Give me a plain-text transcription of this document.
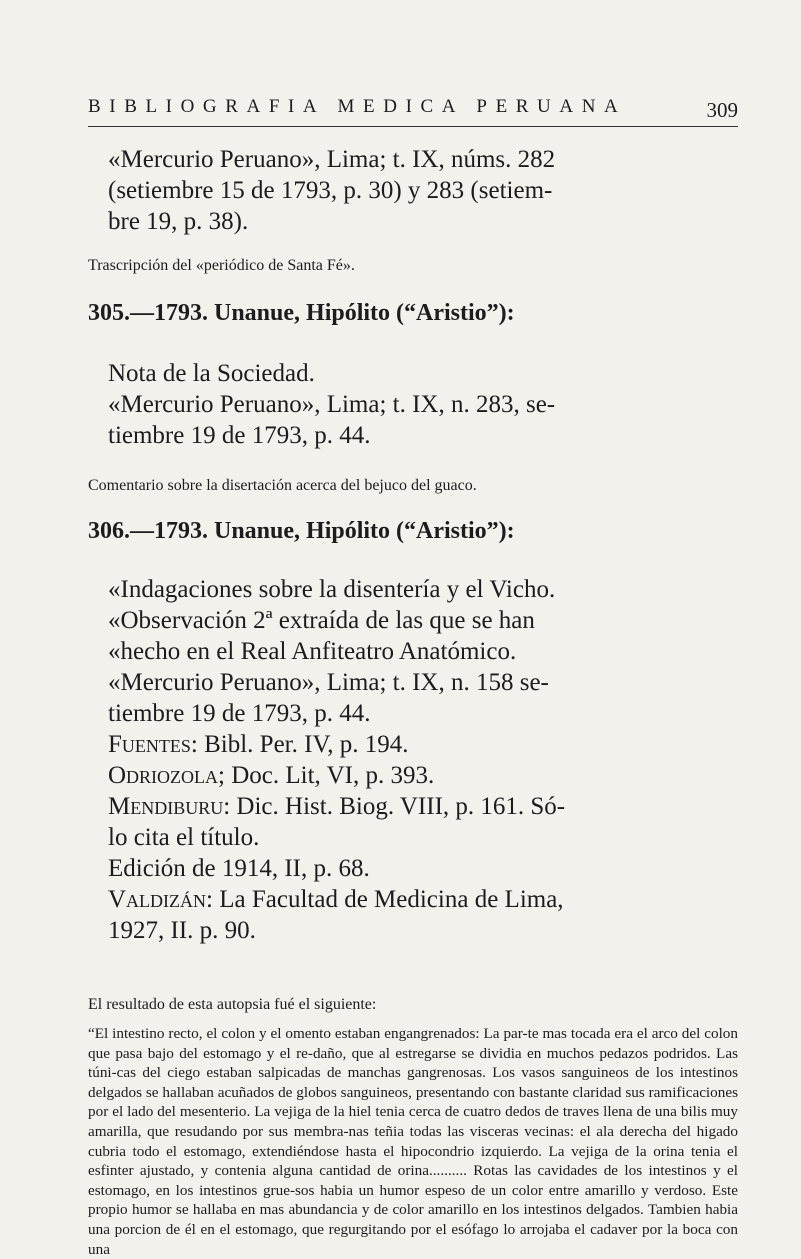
BIBLIOGRAFIA MEDICA PERUANA	309

«Mercurio Peruano», Lima; t. IX, núms. 282

(setiembre 15 de 1793, p. 30) y 283 (setiem-

bre 19, p. 38).

Trascripción del «periódico de Santa Fé».

305.—1793. Unanue, Hipólito (“Aristio”):

Nota de la Sociedad.

«Mercurio Peruano», Lima; t. IX, n. 283, se-

tiembre 19 de 1793, p. 44.

Comentario sobre la disertación acerca del bejuco del guaco.

306.—1793. Unanue, Hipólito (“Aristio”):

«Indagaciones sobre la disentería y el Vicho.

«Observación 2ª extraída de las que se han

«hecho en el Real Anfiteatro Anatómico.

«Mercurio Peruano», Lima; t. IX, n. 158 se-

tiembre 19 de 1793, p. 44.

Fuentes: Bibl. Per. IV, p. 194.

Odriozola; Doc. Lit, VI, p. 393.

Mendiburu: Dic. Hist. Biog. VIII, p. 161. Só-

lo cita el título.

Edición de 1914, II, p. 68.

Valdizán: La Facultad de Medicina de Lima,

1927, II. p. 90.

El resultado de esta autopsia fué el siguiente:

“El intestino recto, el colon y el omento estaban engangrenados: La par-te mas tocada era el arco del colon que pasa bajo del estomago y el re-daño, que al estregarse se dividia en muchos pedazos podridos. Las túni-cas del ciego estaban salpicadas de manchas gangrenosas. Los vasos sanguineos de los intestinos delgados se hallaban acuñados de globos sanguineos, presentando con bastante claridad sus ramificaciones por el lado del mesenterio. La vejiga de la hiel tenia cerca de cuatro dedos de traves llena de una bilis muy amarilla, que resudando por sus membra-nas teñia todas las visceras vecinas: el ala derecha del higado cubria todo el estomago, extendiéndose hasta el hipocondrio izquierdo. La vejiga de la orina tenia el esfinter ajustado, y contenia alguna cantidad de orina.......... Rotas las cavidades de los intestinos y el estomago, en los intestinos grue-sos habia un humor espeso de un color entre amarillo y verdoso. Este propio humor se hallaba en mas abundancia y de color amarillo en los intestinos delgados. Tambien habia una porcion de él en el estomago, que regurgitando por el esófago lo arrojaba el cadaver por la boca con una
